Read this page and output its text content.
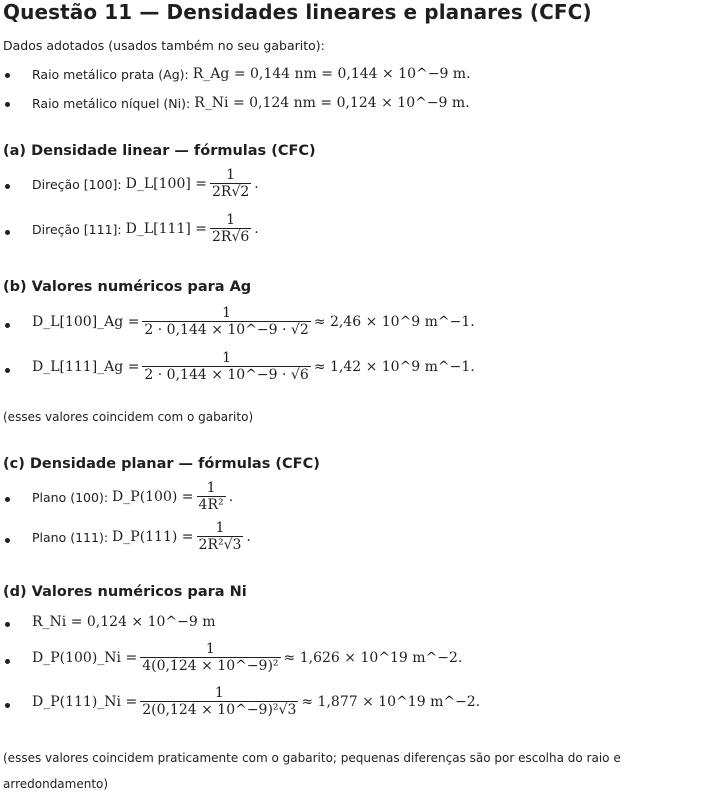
Questão 11 — Densidades lineares e planares (CFC)
Dados adotados (usados também no seu gabarito):
Raio metálico prata (Ag): R_Ag = 0,144 nm = 0,144 × 10^−9 m.
Raio metálico níquel (Ni): R_Ni = 0,124 nm = 0,124 × 10^−9 m.
(a) Densidade linear — fórmulas (CFC)
Direção [100]: D_L[100] = $\frac{1}{2R√2}$ .
Direção [111]: D_L[111] = $\frac{1}{2R√6}$ .
(b) Valores numéricos para Ag
D_L[100]_Ag = $\frac{1}{2 \cdot 0,144 \times 10\^{}-9 \cdot √2} \approx 2,46$ × 10^9 m^−1.
D_L[111]_Ag = $\frac{1}{2 \cdot 0,144 \times 10\^{}-9 \cdot √6} \approx 1,42$ × 10^9 m^−1.
(esses valores coincidem com o gabarito)
(c) Densidade planar — fórmulas (CFC)
Plano (100): D_P(100) = $\frac{1}{\text{4R²}}$ .
Plano (111): D_P(111) = $\frac{1}{\text{2R²√3}}$ .
(d) Valores numéricos para Ni
R_Ni = 0,124 × 10^−9 m
D_P(100)_Ni = $\frac{1}{\text{4(0,124 × 10\textasciicircum{}−9)²}} \approx 1,626$ × 10^19 m^−2.
D_P(111)_Ni = $\frac{1}{\text{2(0,124 × 10\textasciicircum{}−9)²√3}} \approx 1,877$ × 10^19 m^−2.
(esses valores coincidem praticamente com o gabarito; pequenas diferenças são por escolha do raio e arredondamento)
